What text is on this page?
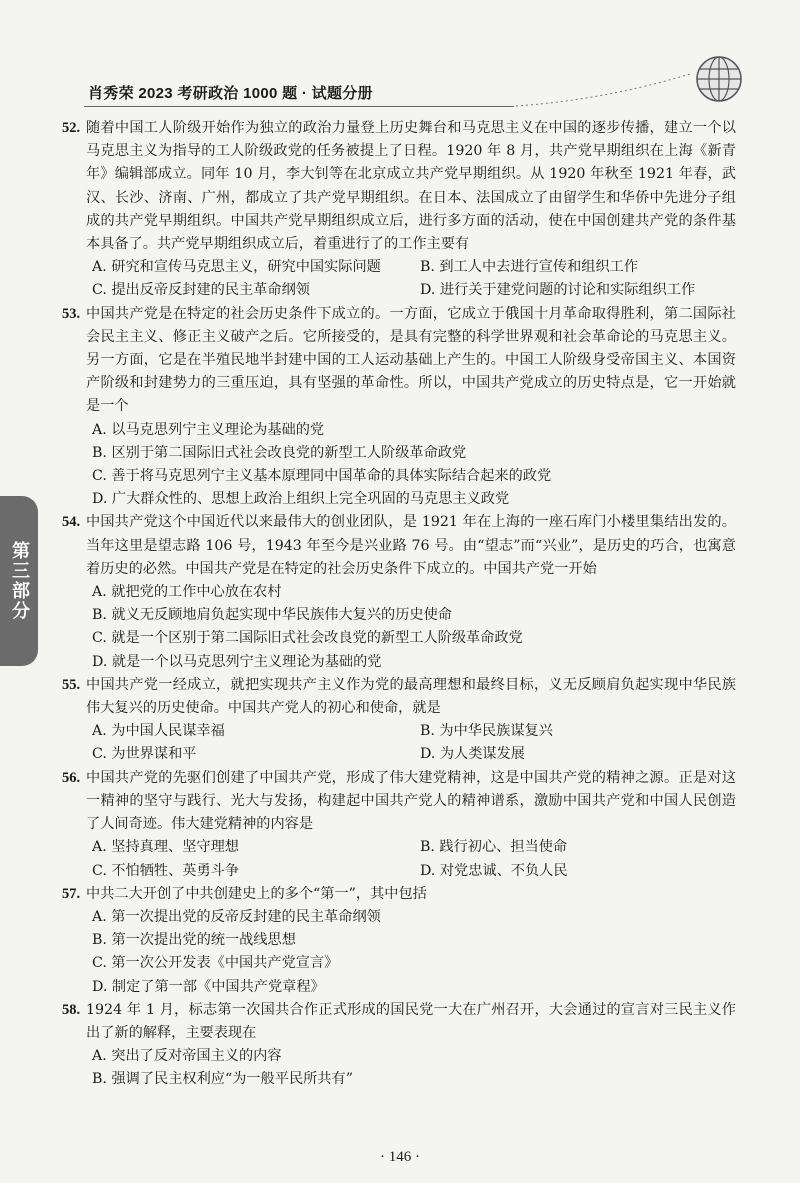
肖秀荣 2023 考研政治 1000 题 · 试题分册
第三部分
52. 随着中国工人阶级开始作为独立的政治力量登上历史舞台和马克思主义在中国的逐步传播，建立一个以马克思主义为指导的工人阶级政党的任务被提上了日程。1920 年 8 月，共产党早期组织在上海《新青年》编辑部成立。同年 10 月，李大钊等在北京成立共产党早期组织。从 1920 年秋至 1921 年春，武汉、长沙、济南、广州，都成立了共产党早期组织。在日本、法国成立了由留学生和华侨中先进分子组成的共产党早期组织。中国共产党早期组织成立后，进行多方面的活动，使在中国创建共产党的条件基本具备了。共产党早期组织成立后，着重进行了的工作主要有
A. 研究和宣传马克思主义，研究中国实际问题	B. 到工人中去进行宣传和组织工作
C. 提出反帝反封建的民主革命纲领	D. 进行关于建党问题的讨论和实际组织工作
53. 中国共产党是在特定的社会历史条件下成立的。一方面，它成立于俄国十月革命取得胜利，第二国际社会民主主义、修正主义破产之后。它所接受的，是具有完整的科学世界观和社会革命论的马克思主义。另一方面，它是在半殖民地半封建中国的工人运动基础上产生的。中国工人阶级身受帝国主义、本国资产阶级和封建势力的三重压迫，具有坚强的革命性。所以，中国共产党成立的历史特点是，它一开始就是一个
A. 以马克思列宁主义理论为基础的党
B. 区别于第二国际旧式社会改良党的新型工人阶级革命政党
C. 善于将马克思列宁主义基本原理同中国革命的具体实际结合起来的政党
D. 广大群众性的、思想上政治上组织上完全巩固的马克思主义政党
54. 中国共产党这个中国近代以来最伟大的创业团队，是 1921 年在上海的一座石库门小楼里集结出发的。当年这里是望志路 106 号，1943 年至今是兴业路 76 号。由“望志”而“兴业”，是历史的巧合，也寓意着历史的必然。中国共产党是在特定的社会历史条件下成立的。中国共产党一开始
A. 就把党的工作中心放在农村
B. 就义无反顾地肩负起实现中华民族伟大复兴的历史使命
C. 就是一个区别于第二国际旧式社会改良党的新型工人阶级革命政党
D. 就是一个以马克思列宁主义理论为基础的党
55. 中国共产党一经成立，就把实现共产主义作为党的最高理想和最终目标，义无反顾肩负起实现中华民族伟大复兴的历史使命。中国共产党人的初心和使命，就是
A. 为中国人民谋幸福	B. 为中华民族谋复兴
C. 为世界谋和平	D. 为人类谋发展
56. 中国共产党的先驱们创建了中国共产党，形成了伟大建党精神，这是中国共产党的精神之源。正是对这一精神的坚守与践行、光大与发扬，构建起中国共产党人的精神谱系，激励中国共产党和中国人民创造了人间奇迹。伟大建党精神的内容是
A. 坚持真理、坚守理想	B. 践行初心、担当使命
C. 不怕牺牲、英勇斗争	D. 对党忠诚、不负人民
57. 中共二大开创了中共创建史上的多个“第一”，其中包括
A. 第一次提出党的反帝反封建的民主革命纲领
B. 第一次提出党的统一战线思想
C. 第一次公开发表《中国共产党宣言》
D. 制定了第一部《中国共产党章程》
58. 1924 年 1 月，标志第一次国共合作正式形成的国民党一大在广州召开，大会通过的宣言对三民主义作出了新的解释，主要表现在
A. 突出了反对帝国主义的内容
B. 强调了民主权利应“为一般平民所共有”
· 146 ·
